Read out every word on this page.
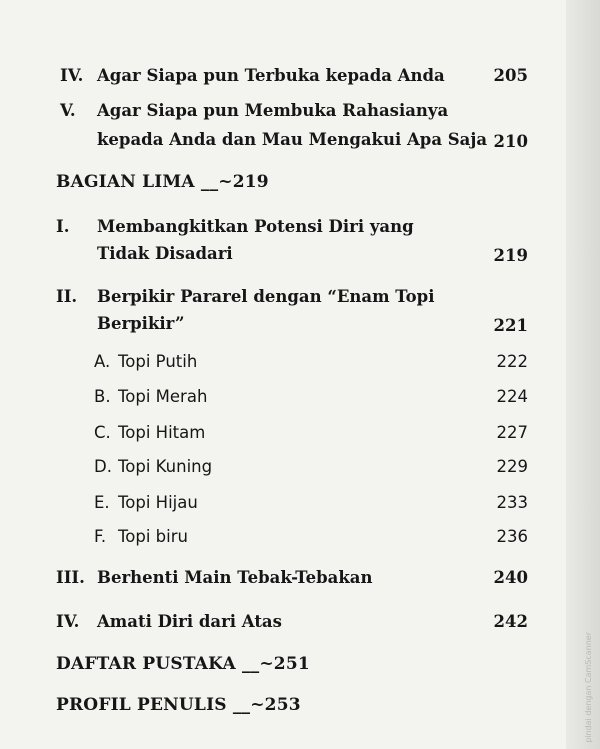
IV. Agar Siapa pun Terbuka kepada Anda	205
V. Agar Siapa pun Membuka Rahasianya
kepada Anda dan Mau Mengakui Apa Saja 210
BAGIAN LIMA __~219
I. Membangkitkan Potensi Diri yang
Tidak Disadari	219
II. Berpikir Pararel dengan “Enam Topi
Berpikir”	221
A. Topi Putih	222
B. Topi Merah	224
C. Topi Hitam	227
D. Topi Kuning	229
E. Topi Hijau	233
F. Topi biru	236
III. Berhenti Main Tebak-Tebakan	240
IV. Amati Diri dari Atas	242
DAFTAR PUSTAKA __~251
PROFIL PENULIS __~253	pindai dengan CamScanner
